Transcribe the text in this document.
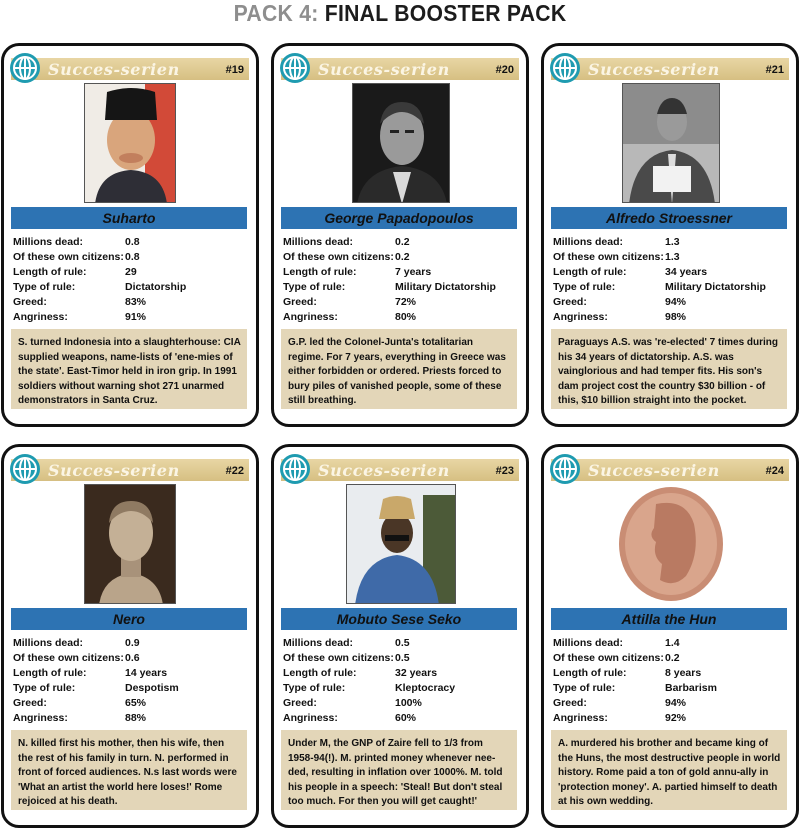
PACK 4: FINAL BOOSTER PACK
Succes-serien	#19
Suharto
Millions dead:	0.8
Of these own citizens:0.8
Length of rule:	29
Type of rule:	Dictatorship
Greed:	83%
Angriness:	91%
S. turned Indonesia into a slaughterhouse: CIA supplied weapons, name-lists of 'ene-mies of the state'. East-Timor held in iron grip. In 1991 soldiers without warning shot 271 unarmed demonstrators in Santa Cruz.
Succes-serien	#20
George Papadopoulos
Millions dead:	0.2
Of these own citizens:0.2
Length of rule:	7 years
Type of rule:	Military Dictatorship
Greed:	72%
Angriness:	80%
G.P. led the Colonel-Junta's totalitarian regime. For 7 years, everything in Greece was either forbidden or ordered. Priests forced to bury piles of vanished people, some of these still breathing.
Succes-serien	#21
Alfredo Stroessner
Millions dead:	1.3
Of these own citizens:1.3
Length of rule:	34 years
Type of rule:	Military Dictatorship
Greed:	94%
Angriness:	98%
Paraguays A.S. was 're-elected' 7 times during his 34 years of dictatorship. A.S. was vainglorious and had temper fits. His son's dam project cost the country $30 billion - of this, $10 billion straight into the pocket.
Succes-serien	#22
Nero
Millions dead:	0.9
Of these own citizens:0.6
Length of rule:	14 years
Type of rule:	Despotism
Greed:	65%
Angriness:	88%
N. killed first his mother, then his wife, then the rest of his family in turn. N. performed in front of forced audiences. N.s last words were 'What an artist the world here loses!' Rome rejoiced at his death.
Succes-serien	#23
Mobuto Sese Seko
Millions dead:	0.5
Of these own citizens:0.5
Length of rule:	32 years
Type of rule:	Kleptocracy
Greed:	100%
Angriness:	60%
Under M, the GNP of Zaire fell to 1/3 from 1958-94(!). M. printed money whenever nee-ded, resulting in inflation over 1000%. M. told his people in a speech: 'Steal! But don't steal too much. For then you will get caught!'
Succes-serien	#24
Attilla the Hun
Millions dead:	1.4
Of these own citizens:0.2
Length of rule:	8 years
Type of rule:	Barbarism
Greed:	94%
Angriness:	92%
A. murdered his brother and became king of the Huns, the most destructive people in world history. Rome paid a ton of gold annu-ally in 'protection money'. A. partied himself to death at his own wedding.
